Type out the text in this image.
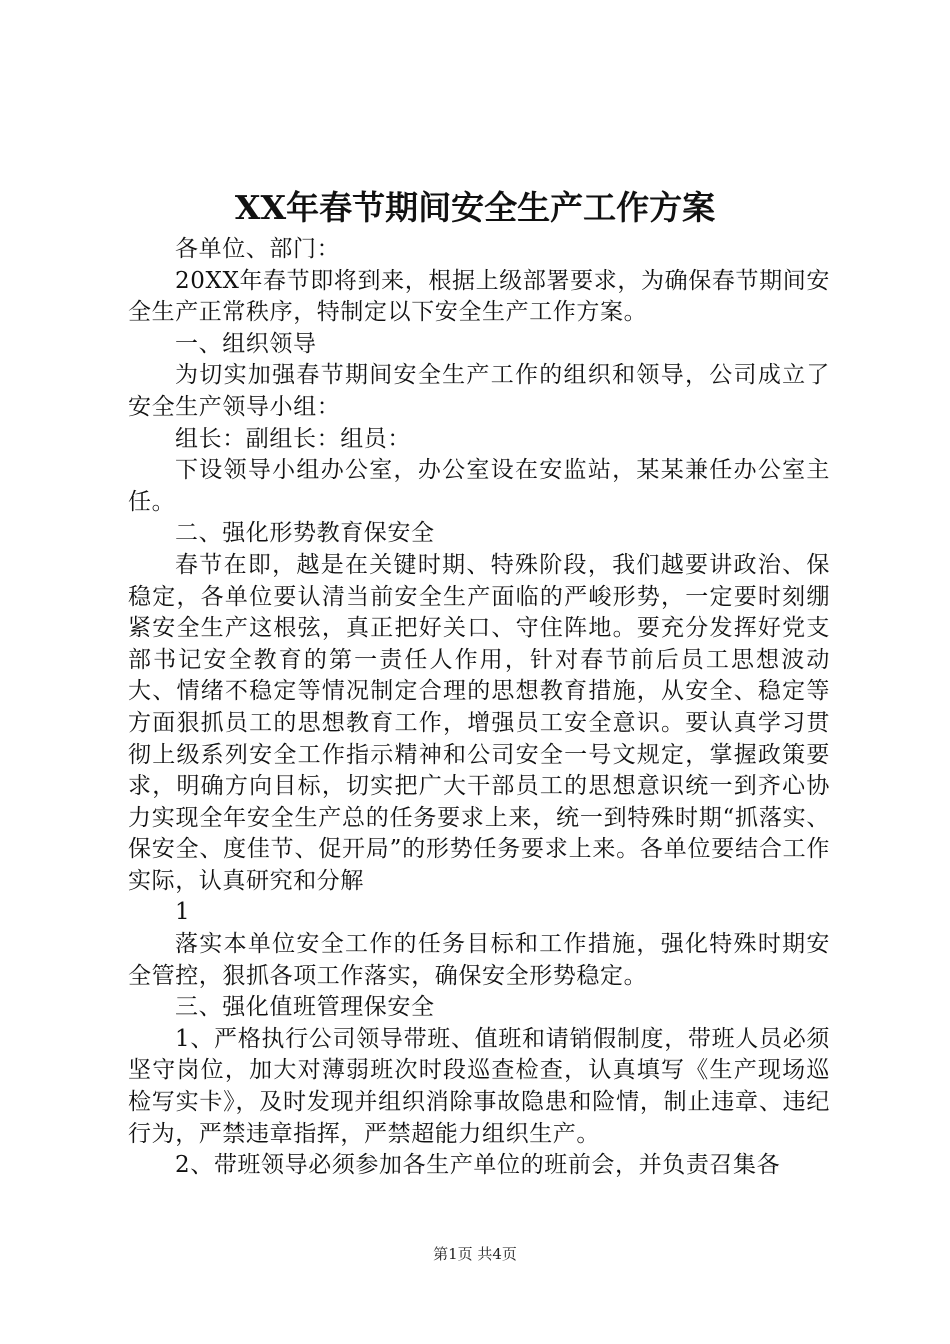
XX年春节期间安全生产工作方案

各单位、部门：

20XX年春节即将到来，根据上级部署要求，为确保春节期间安全生产正常秩序，特制定以下安全生产工作方案。

一、组织领导

为切实加强春节期间安全生产工作的组织和领导，公司成立了安全生产领导小组：

组长：副组长：组员：

下设领导小组办公室，办公室设在安监站，某某兼任办公室主任。

二、强化形势教育保安全

春节在即，越是在关键时期、特殊阶段，我们越要讲政治、保稳定，各单位要认清当前安全生产面临的严峻形势，一定要时刻绷紧安全生产这根弦，真正把好关口、守住阵地。要充分发挥好党支部书记安全教育的第一责任人作用，针对春节前后员工思想波动大、情绪不稳定等情况制定合理的思想教育措施，从安全、稳定等方面狠抓员工的思想教育工作，增强员工安全意识。要认真学习贯彻上级系列安全工作指示精神和公司安全一号文规定，掌握政策要求，明确方向目标，切实把广大干部员工的思想意识统一到齐心协力实现全年安全生产总的任务要求上来，统一到特殊时期“抓落实、保安全、度佳节、促开局”的形势任务要求上来。各单位要结合工作实际，认真研究和分解

1

落实本单位安全工作的任务目标和工作措施，强化特殊时期安全管控，狠抓各项工作落实，确保安全形势稳定。

三、强化值班管理保安全

1、严格执行公司领导带班、值班和请销假制度，带班人员必须坚守岗位，加大对薄弱班次时段巡查检查，认真填写《生产现场巡检写实卡》，及时发现并组织消除事故隐患和险情，制止违章、违纪行为，严禁违章指挥，严禁超能力组织生产。

2、带班领导必须参加各生产单位的班前会，并负责召集各

第1页 共4页
